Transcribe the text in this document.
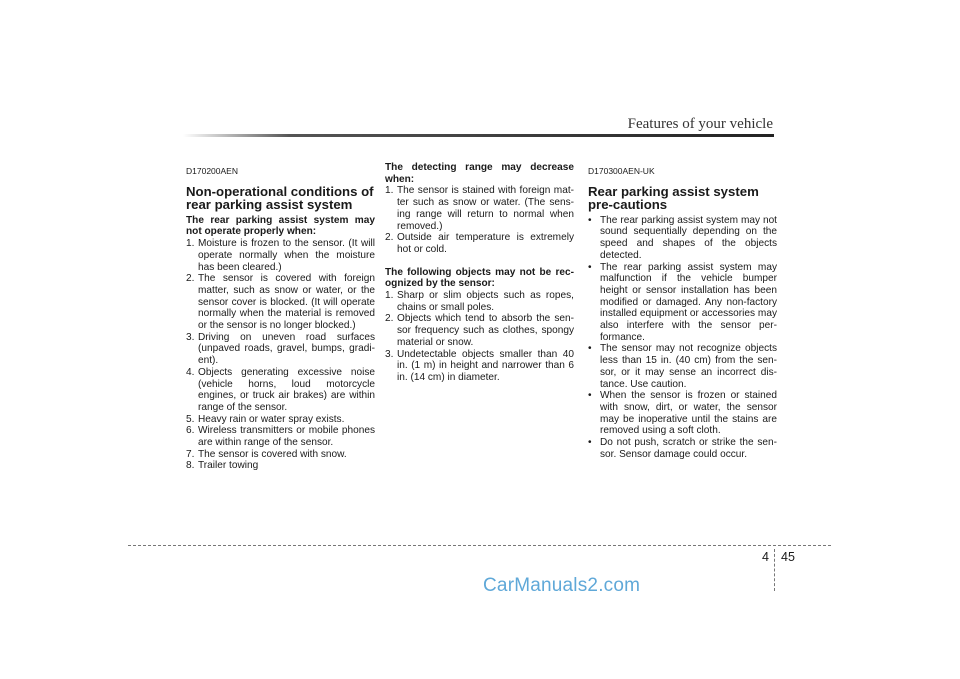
Features of your vehicle
D170200AEN
Non-operational conditions of rear parking assist system
The rear parking assist system may not operate properly when:
1. Moisture is frozen to the sensor. (It will operate normally when the moisture has been cleared.)
2. The sensor is covered with foreign matter, such as snow or water, or the sensor cover is blocked. (It will operate normally when the material is removed or the sensor is no longer blocked.)
3. Driving on uneven road surfaces (unpaved roads, gravel, bumps, gradi-ent).
4. Objects generating excessive noise (vehicle horns, loud motorcycle engines, or truck air brakes) are within range of the sensor.
5. Heavy rain or water spray exists.
6. Wireless transmitters or mobile phones are within range of the sensor.
7. The sensor is covered with snow.
8. Trailer towing
The detecting range may decrease when:
1. The sensor is stained with foreign mat-ter such as snow or water. (The sens-ing range will return to normal when removed.)
2. Outside air temperature is extremely hot or cold.
The following objects may not be rec-ognized by the sensor:
1. Sharp or slim objects such as ropes, chains or small poles.
2. Objects which tend to absorb the sen-sor frequency such as clothes, spongy material or snow.
3. Undetectable objects smaller than 40 in. (1 m) in height and narrower than 6 in. (14 cm) in diameter.
D170300AEN-UK
Rear parking assist system pre-cautions
• The rear parking assist system may not sound sequentially depending on the speed and shapes of the objects detected.
• The rear parking assist system may malfunction if the vehicle bumper height or sensor installation has been modified or damaged. Any non-factory installed equipment or accessories may also interfere with the sensor per-formance.
• The sensor may not recognize objects less than 15 in. (40 cm) from the sen-sor, or it may sense an incorrect dis-tance. Use caution.
• When the sensor is frozen or stained with snow, dirt, or water, the sensor may be inoperative until the stains are removed using a soft cloth.
• Do not push, scratch or strike the sen-sor. Sensor damage could occur.
4 45
CarManuals2.com
